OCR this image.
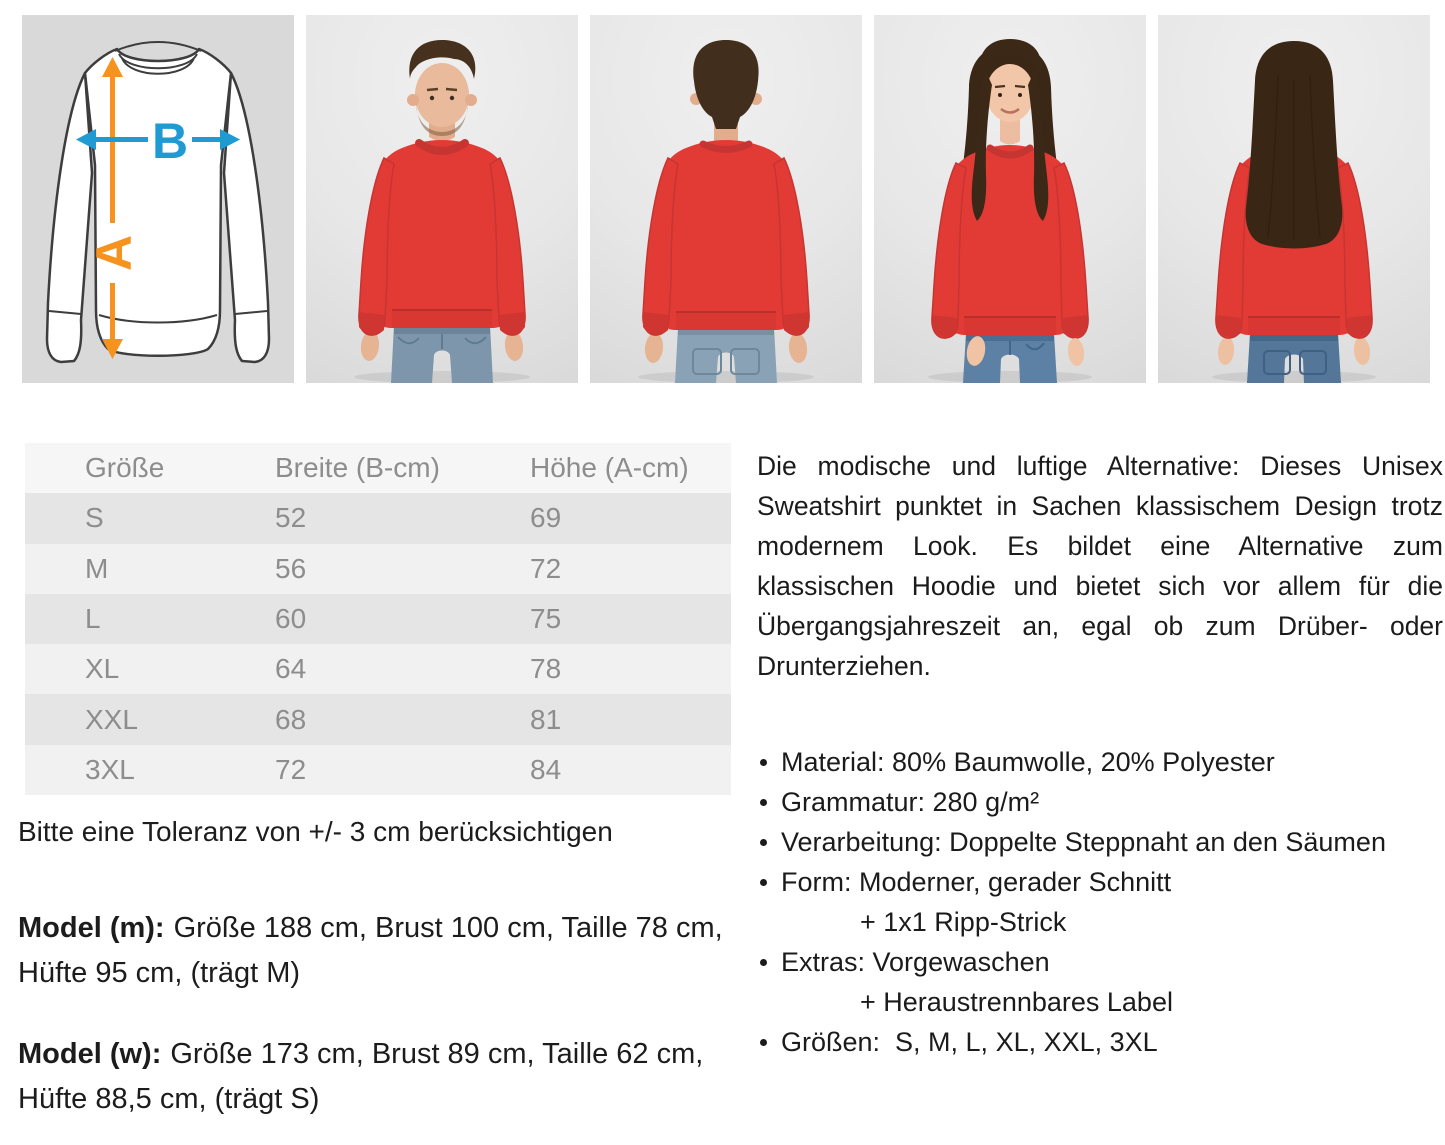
A
B
Größe	Breite (B-cm)	Höhe (A-cm)
S	52	69
M	56	72
L	60	75
XL	64	78
XXL	68	81
3XL	72	84
Bitte eine Toleranz von +/- 3 cm berücksichtigen
Model (m): Größe 188 cm, Brust 100 cm, Taille 78 cm, Hüfte 95 cm, (trägt M)
Model (w): Größe 173 cm, Brust 89 cm, Taille 62 cm, Hüfte 88,5 cm, (trägt S)
Die modische und luftige Alternative: Dieses Unisex Sweatshirt punktet in Sachen klassischem Design trotz modernem Look. Es bildet eine Alternative zum klassischen Hoodie und bietet sich vor allem für die Übergangsjahreszeit an, egal ob zum Drüber- oder Drunterziehen.
Material: 80% Baumwolle, 20% Polyester
Grammatur: 280 g/m²
Verarbeitung: Doppelte Steppnaht an den Säumen
Form: Moderner, gerader Schnitt
+ 1x1 Ripp-Strick
Extras: Vorgewaschen
+ Heraustrennbares Label
Größen:  S, M, L, XL, XXL, 3XL
